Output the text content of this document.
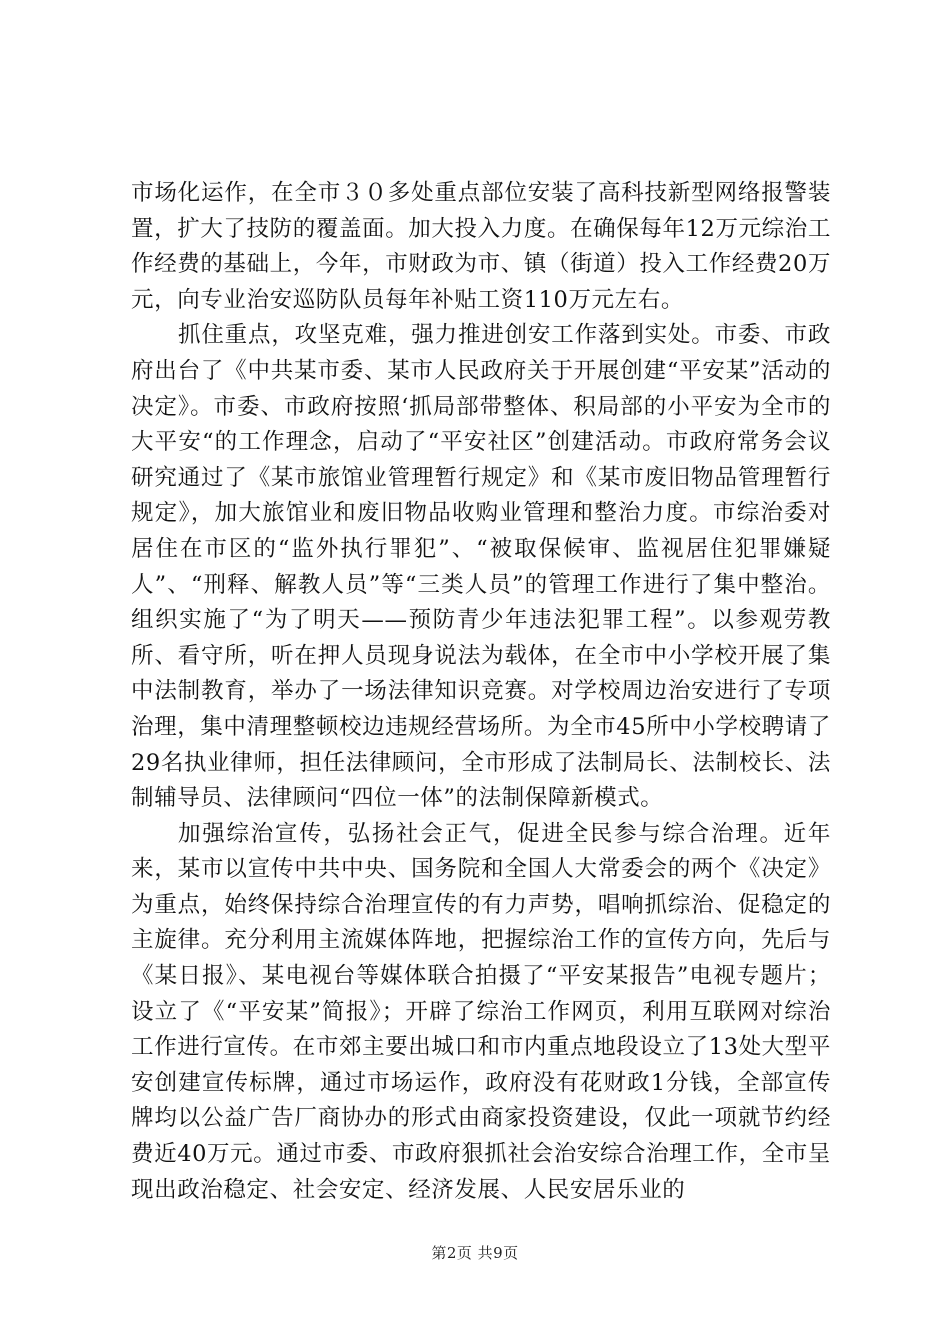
市场化运作，在全市３０多处重点部位安装了高科技新型网络报警装置，扩大了技防的覆盖面。加大投入力度。在确保每年12万元综治工作经费的基础上，今年，市财政为市、镇（街道）投入工作经费20万元，向专业治安巡防队员每年补贴工资110万元左右。

抓住重点，攻坚克难，强力推进创安工作落到实处。市委、市政府出台了《中共某市委、某市人民政府关于开展创建“平安某”活动的决定》。市委、市政府按照‘抓局部带整体、积局部的小平安为全市的大平安“的工作理念，启动了“平安社区”创建活动。市政府常务会议研究通过了《某市旅馆业管理暂行规定》和《某市废旧物品管理暂行规定》，加大旅馆业和废旧物品收购业管理和整治力度。市综治委对居住在市区的“监外执行罪犯”、“被取保候审、监视居住犯罪嫌疑人”、“刑释、解教人员”等“三类人员”的管理工作进行了集中整治。组织实施了“为了明天——预防青少年违法犯罪工程”。以参观劳教所、看守所，听在押人员现身说法为载体，在全市中小学校开展了集中法制教育，举办了一场法律知识竞赛。对学校周边治安进行了专项治理，集中清理整顿校边违规经营场所。为全市45所中小学校聘请了29名执业律师，担任法律顾问，全市形成了法制局长、法制校长、法制辅导员、法律顾问“四位一体”的法制保障新模式。

加强综治宣传，弘扬社会正气，促进全民参与综合治理。近年来，某市以宣传中共中央、国务院和全国人大常委会的两个《决定》为重点，始终保持综合治理宣传的有力声势，唱响抓综治、促稳定的主旋律。充分利用主流媒体阵地，把握综治工作的宣传方向，先后与《某日报》、某电视台等媒体联合拍摄了“平安某报告”电视专题片；设立了《“平安某”简报》；开辟了综治工作网页，利用互联网对综治工作进行宣传。在市郊主要出城口和市内重点地段设立了13处大型平安创建宣传标牌，通过市场运作，政府没有花财政1分钱，全部宣传牌均以公益广告厂商协办的形式由商家投资建设，仅此一项就节约经费近40万元。通过市委、市政府狠抓社会治安综合治理工作，全市呈现出政治稳定、社会安定、经济发展、人民安居乐业的

第2页 共9页
